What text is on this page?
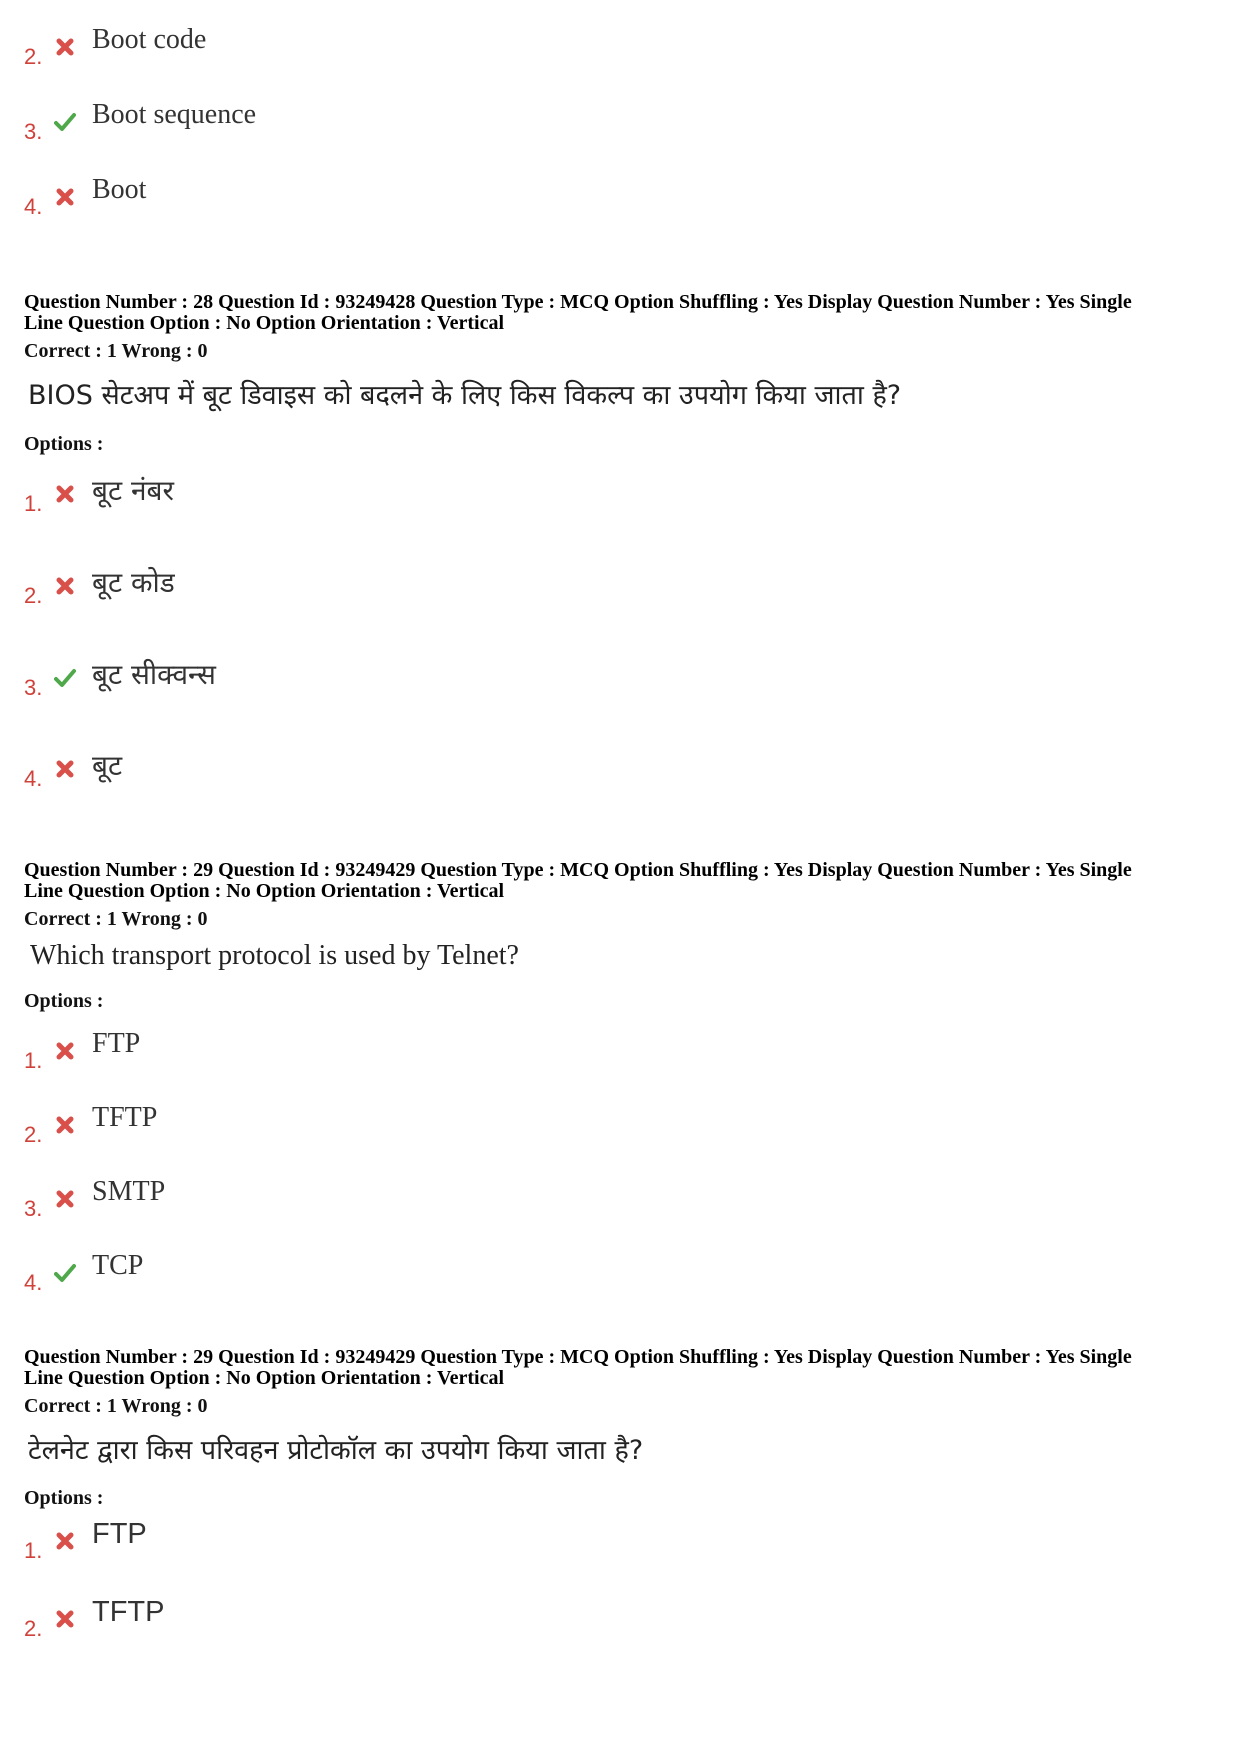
2.
Boot code
3.
Boot sequence
4.
Boot
Question Number : 28 Question Id : 93249428 Question Type : MCQ Option Shuffling : Yes Display Question Number : Yes Single
Line Question Option : No Option Orientation : Vertical
Correct : 1 Wrong : 0
BIOS सेटअप में बूट डिवाइस को बदलने के लिए किस विकल्प का उपयोग किया जाता है?
Options :
1. बूट नंबर
2. बूट कोड
3. बूट सीक्वन्स
4. बूट
Question Number : 29 Question Id : 93249429 Question Type : MCQ Option Shuffling : Yes Display Question Number : Yes Single
Line Question Option : No Option Orientation : Vertical
Correct : 1 Wrong : 0
Which transport protocol is used by Telnet?
Options :
1.
FTP
2.
TFTP
3.
SMTP
4.
TCP
Question Number : 29 Question Id : 93249429 Question Type : MCQ Option Shuffling : Yes Display Question Number : Yes Single
Line Question Option : No Option Orientation : Vertical
Correct : 1 Wrong : 0
टेलनेट द्वारा किस परिवहन प्रोटोकॉल का उपयोग किया जाता है?
Options :
1.
FTP
2.
TFTP
